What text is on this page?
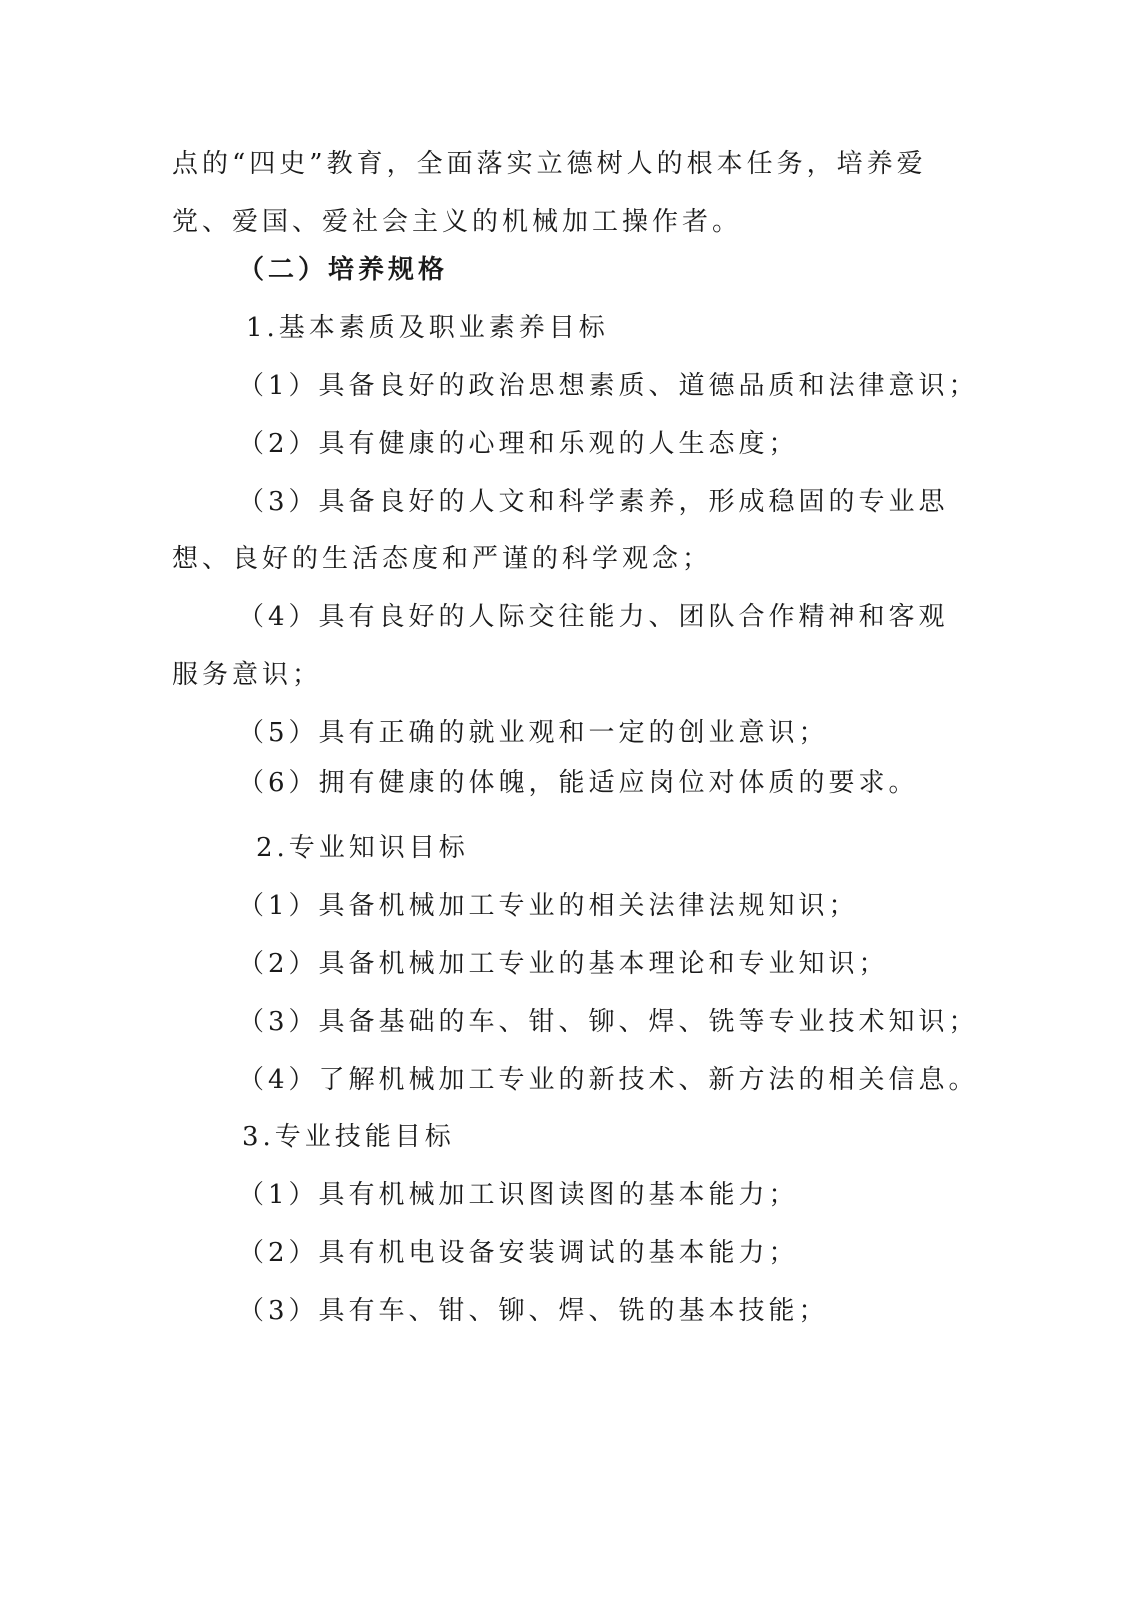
点的“四史”教育，全面落实立德树人的根本任务，培养爱
党、爱国、爱社会主义的机械加工操作者。
（二）培养规格
1.基本素质及职业素养目标
（1）具备良好的政治思想素质、道德品质和法律意识；
（2）具有健康的心理和乐观的人生态度；
（3）具备良好的人文和科学素养，形成稳固的专业思
想、良好的生活态度和严谨的科学观念；
（4）具有良好的人际交往能力、团队合作精神和客观
服务意识；
（5）具有正确的就业观和一定的创业意识；
（6）拥有健康的体魄，能适应岗位对体质的要求。
2.专业知识目标
（1）具备机械加工专业的相关法律法规知识；
（2）具备机械加工专业的基本理论和专业知识；
（3）具备基础的车、钳、铆、焊、铣等专业技术知识；
（4）了解机械加工专业的新技术、新方法的相关信息。
3.专业技能目标
（1）具有机械加工识图读图的基本能力；
（2）具有机电设备安装调试的基本能力；
（3）具有车、钳、铆、焊、铣的基本技能；
